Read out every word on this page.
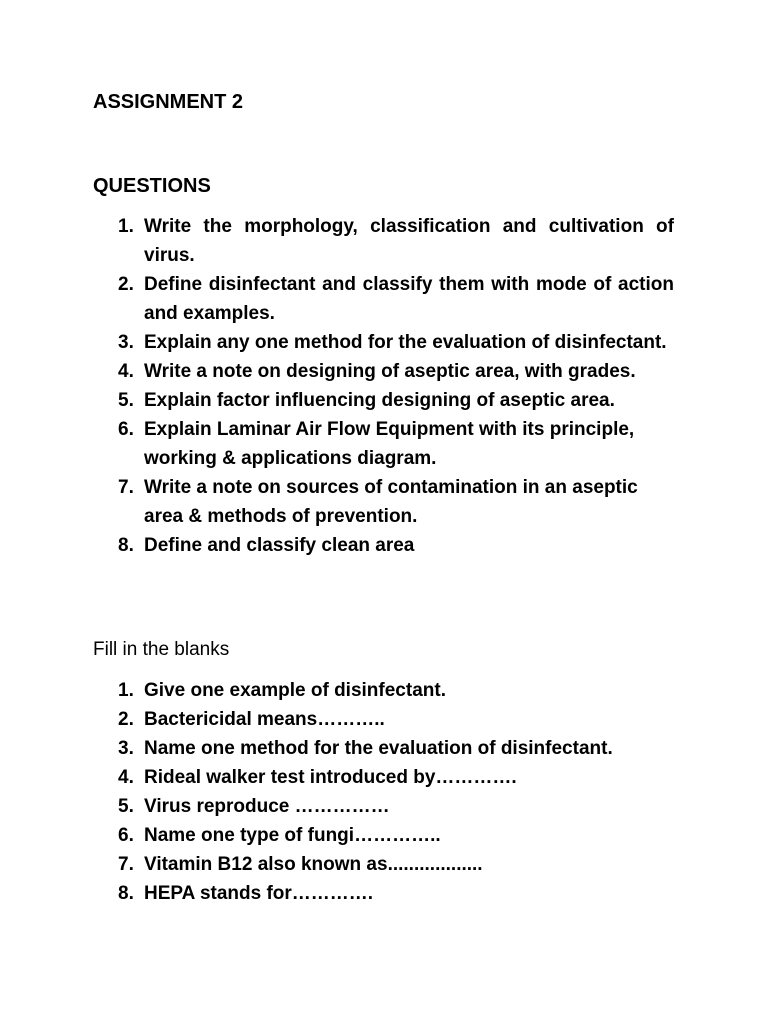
ASSIGNMENT 2
QUESTIONS
1. Write the morphology, classification and cultivation of virus.
2. Define disinfectant and classify them with mode of action and examples.
3. Explain any one method for the evaluation of disinfectant.
4. Write a note on designing of aseptic area, with grades.
5. Explain factor influencing designing of aseptic area.
6. Explain Laminar Air Flow Equipment with its principle, working & applications diagram.
7. Write a note on sources of contamination in an aseptic area & methods of prevention.
8. Define and classify clean area
Fill in the blanks
1. Give one example of disinfectant.
2. Bactericidal means………..
3. Name one method for the evaluation of disinfectant.
4. Rideal walker test introduced by………….
5. Virus reproduce ……………
6. Name one type of fungi…………..
7. Vitamin B12 also known as..................
8. HEPA stands for………….
